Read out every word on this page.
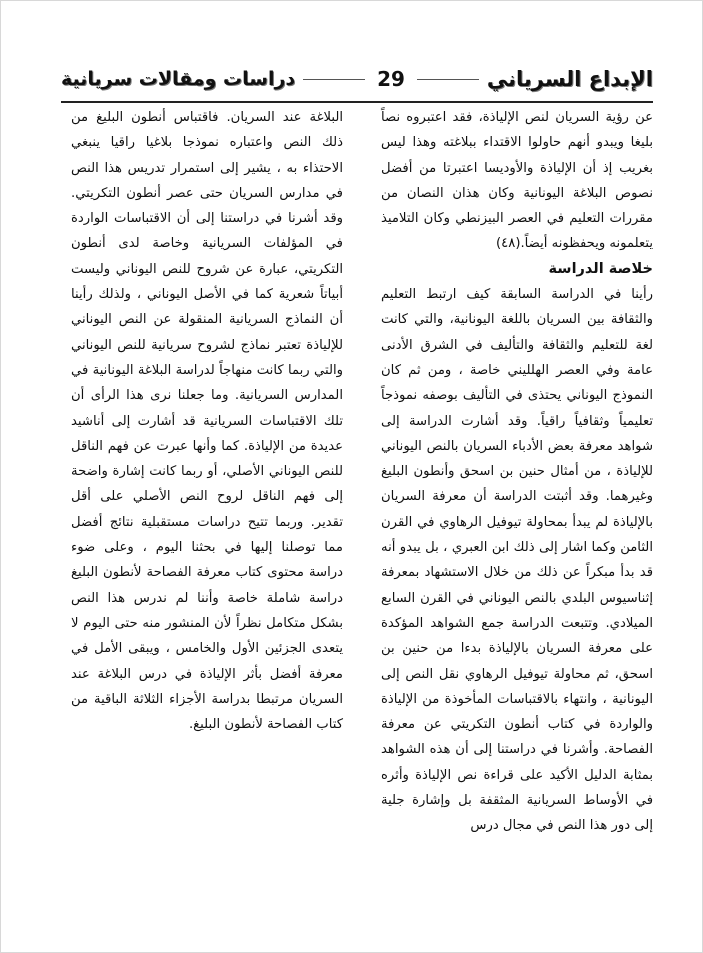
الإبداع السرياني
29
دراسات ومقالات سريانية

عن رؤية السريان لنص الإلياذة، فقد اعتبروه نصاً بليغا ويبدو أنهم حاولوا الاقتداء ببلاغته وهذا ليس بغريب إذ أن الإلياذة والأوديسا اعتبرتا من أفضل نصوص البلاغة اليونانية وكان هذان النصان من مقررات التعليم في العصر البيزنطي وكان التلاميذ يتعلمونه ويحفظونه أيضاً.(٤٨)

خلاصة الدراسة

رأينا في الدراسة السابقة كيف ارتبط التعليم والثقافة بين السريان باللغة اليونانية، والتي كانت لغة للتعليم والثقافة والتأليف في الشرق الأدنى عامة وفي العصر الهلليني خاصة ، ومن ثم كان النموذج اليوناني يحتذى في التأليف بوصفه نموذجاً تعليمياً وثقافياً راقياً. وقد أشارت الدراسة إلى شواهد معرفة بعض الأدباء السريان بالنص اليوناني للإلياذة ، من أمثال حنين بن اسحق وأنطون البليغ وغيرهما. وقد أثبتت الدراسة أن معرفة السريان بالإلياذة لم يبدأ بمحاولة تيوفيل الرهاوي في القرن الثامن وكما اشار إلى ذلك ابن العبري ، بل يبدو أنه قد بدأ مبكراً عن ذلك من خلال الاستشهاد بمعرفة إثناسيوس البلدي بالنص اليوناني في القرن السابع الميلادي. وتتبعت الدراسة جمع الشواهد المؤكدة على معرفة السريان بالإلياذة بدءا من حنين بن اسحق، ثم محاولة تيوفيل الرهاوي نقل النص إلى اليونانية ، وانتهاء بالاقتباسات المأخوذة من الإلياذة والواردة في كتاب أنطون التكريتي عن معرفة الفصاحة. وأشرنا في دراستنا إلى أن هذه الشواهد بمثابة الدليل الأكيد على قراءة نص الإلياذة وأثره في الأوساط السريانية المثقفة بل وإشارة جلية إلى دور هذا النص في مجال درس

البلاغة عند السريان. فاقتباس أنطون البليغ من ذلك النص واعتباره نموذجا بلاغيا راقيا ينبغي الاحتذاء به ، يشير إلى استمرار تدريس هذا النص في مدارس السريان حتى عصر أنطون التكريتي. وقد أشرنا في دراستنا إلى أن الاقتباسات الواردة في المؤلفات السريانية وخاصة لدى أنطون التكريتي، عبارة عن شروح للنص اليوناني وليست أبياتاً شعرية كما في الأصل اليوناني ، ولذلك رأينا أن النماذج السريانية المنقولة عن النص اليوناني للإلياذة تعتبر نماذج لشروح سريانية للنص اليوناني والتي ربما كانت منهاجاً لدراسة البلاغة اليونانية في المدارس السريانية. وما جعلنا نرى هذا الرأى أن تلك الاقتباسات السريانية قد أشارت إلى أناشيد عديدة من الإلياذة. كما وأنها عبرت عن فهم الناقل للنص اليوناني الأصلي، أو ربما كانت إشارة واضحة إلى فهم الناقل لروح النص الأصلي على أقل تقدير. وربما تتيح دراسات مستقبلية نتائج أفضل مما توصلنا إليها في بحثنا اليوم ، وعلى ضوء دراسة محتوى كتاب معرفة الفصاحة لأنطون البليغ دراسة شاملة خاصة وأننا لم ندرس هذا النص بشكل متكامل نظراً لأن المنشور منه حتى اليوم لا يتعدى الجزئين الأول والخامس ، ويبقى الأمل في معرفة أفضل بأثر الإلياذة في درس البلاغة عند السريان مرتبطا بدراسة الأجزاء الثلاثة الباقية من كتاب الفصاحة لأنطون البليغ.
